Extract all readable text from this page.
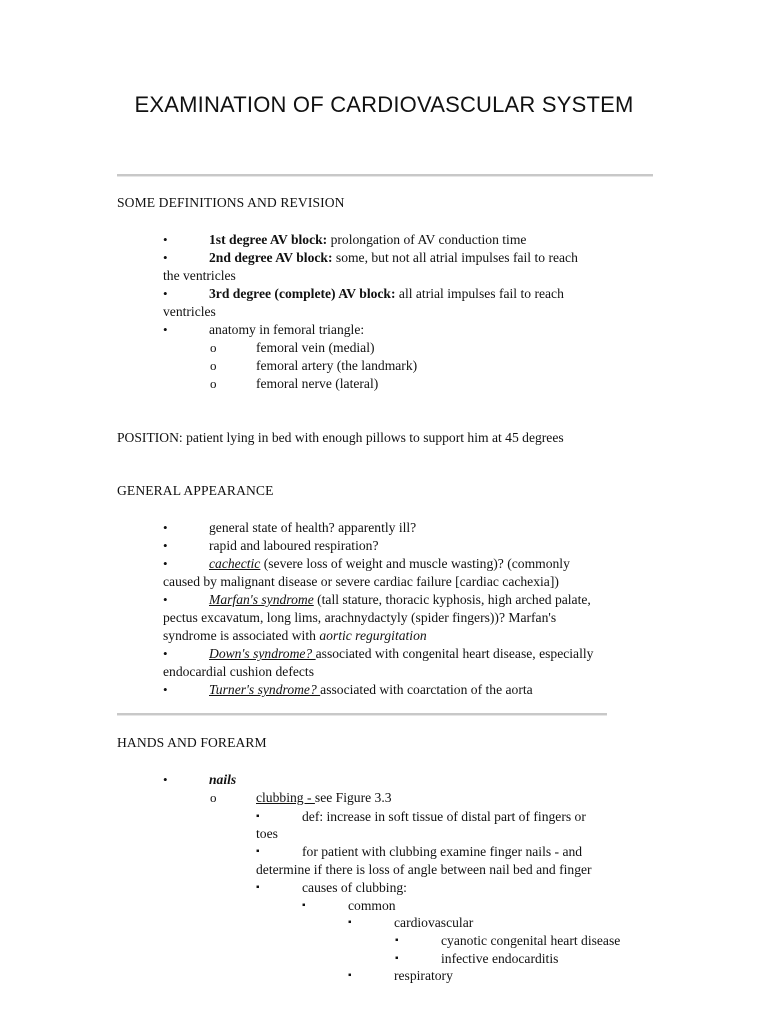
EXAMINATION OF CARDIOVASCULAR SYSTEM
SOME DEFINITIONS AND REVISION
•	1st degree AV block: prolongation of AV conduction time
•	2nd degree AV block: some, but not all atrial impulses fail to reach
the ventricles
•	3rd degree (complete) AV block: all atrial impulses fail to reach
ventricles
•	anatomy in femoral triangle:
o	femoral vein (medial)
o	femoral artery (the landmark)
o	femoral nerve (lateral)
POSITION: patient lying in bed with enough pillows to support him at 45 degrees
GENERAL APPEARANCE
•	general state of health? apparently ill?
•	rapid and laboured respiration?
•	cachectic (severe loss of weight and muscle wasting)? (commonly
caused by malignant disease or severe cardiac failure [cardiac cachexia])
•	Marfan's syndrome (tall stature, thoracic kyphosis, high arched palate,
pectus excavatum, long lims, arachnydactyly (spider fingers))? Marfan's
syndrome is associated with aortic regurgitation
•	Down's syndrome? associated with congenital heart disease, especially
endocardial cushion defects
•	Turner's syndrome? associated with coarctation of the aorta
HANDS AND FOREARM
•	nails
o	clubbing - see Figure 3.3
▪	def: increase in soft tissue of distal part of fingers or
toes
▪	for patient with clubbing examine finger nails - and
determine if there is loss of angle between nail bed and finger
▪	causes of clubbing:
▪	common
▪	cardiovascular
▪	cyanotic congenital heart disease
▪	infective endocarditis
▪	respiratory
